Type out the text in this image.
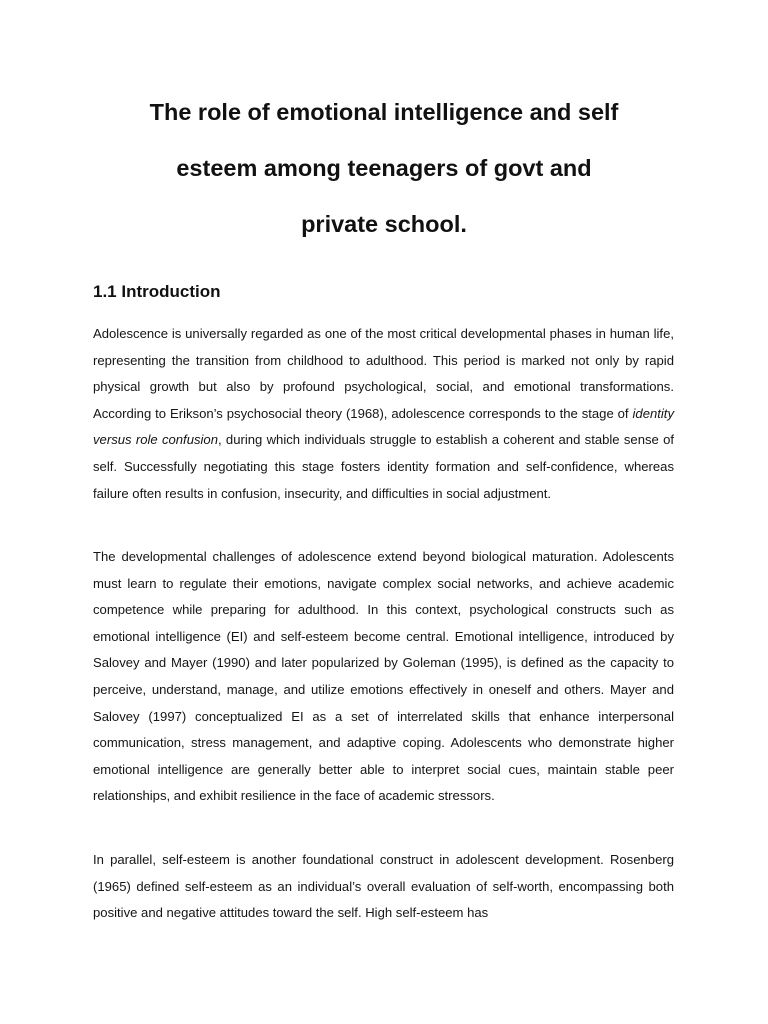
The role of emotional intelligence and self
esteem among teenagers of govt and
private school.
1.1 Introduction

Adolescence is universally regarded as one of the most critical developmental phases in human life, representing the transition from childhood to adulthood. This period is marked not only by rapid physical growth but also by profound psychological, social, and emotional transformations. According to Erikson’s psychosocial theory (1968), adolescence corresponds to the stage of identity versus role confusion, during which individuals struggle to establish a coherent and stable sense of self. Successfully negotiating this stage fosters identity formation and self-confidence, whereas failure often results in confusion, insecurity, and difficulties in social adjustment.

The developmental challenges of adolescence extend beyond biological maturation. Adolescents must learn to regulate their emotions, navigate complex social networks, and achieve academic competence while preparing for adulthood. In this context, psychological constructs such as emotional intelligence (EI) and self-esteem become central. Emotional intelligence, introduced by Salovey and Mayer (1990) and later popularized by Goleman (1995), is defined as the capacity to perceive, understand, manage, and utilize emotions effectively in oneself and others. Mayer and Salovey (1997) conceptualized EI as a set of interrelated skills that enhance interpersonal communication, stress management, and adaptive coping. Adolescents who demonstrate higher emotional intelligence are generally better able to interpret social cues, maintain stable peer relationships, and exhibit resilience in the face of academic stressors.

In parallel, self-esteem is another foundational construct in adolescent development. Rosenberg (1965) defined self-esteem as an individual’s overall evaluation of self-worth, encompassing both positive and negative attitudes toward the self. High self-esteem has
